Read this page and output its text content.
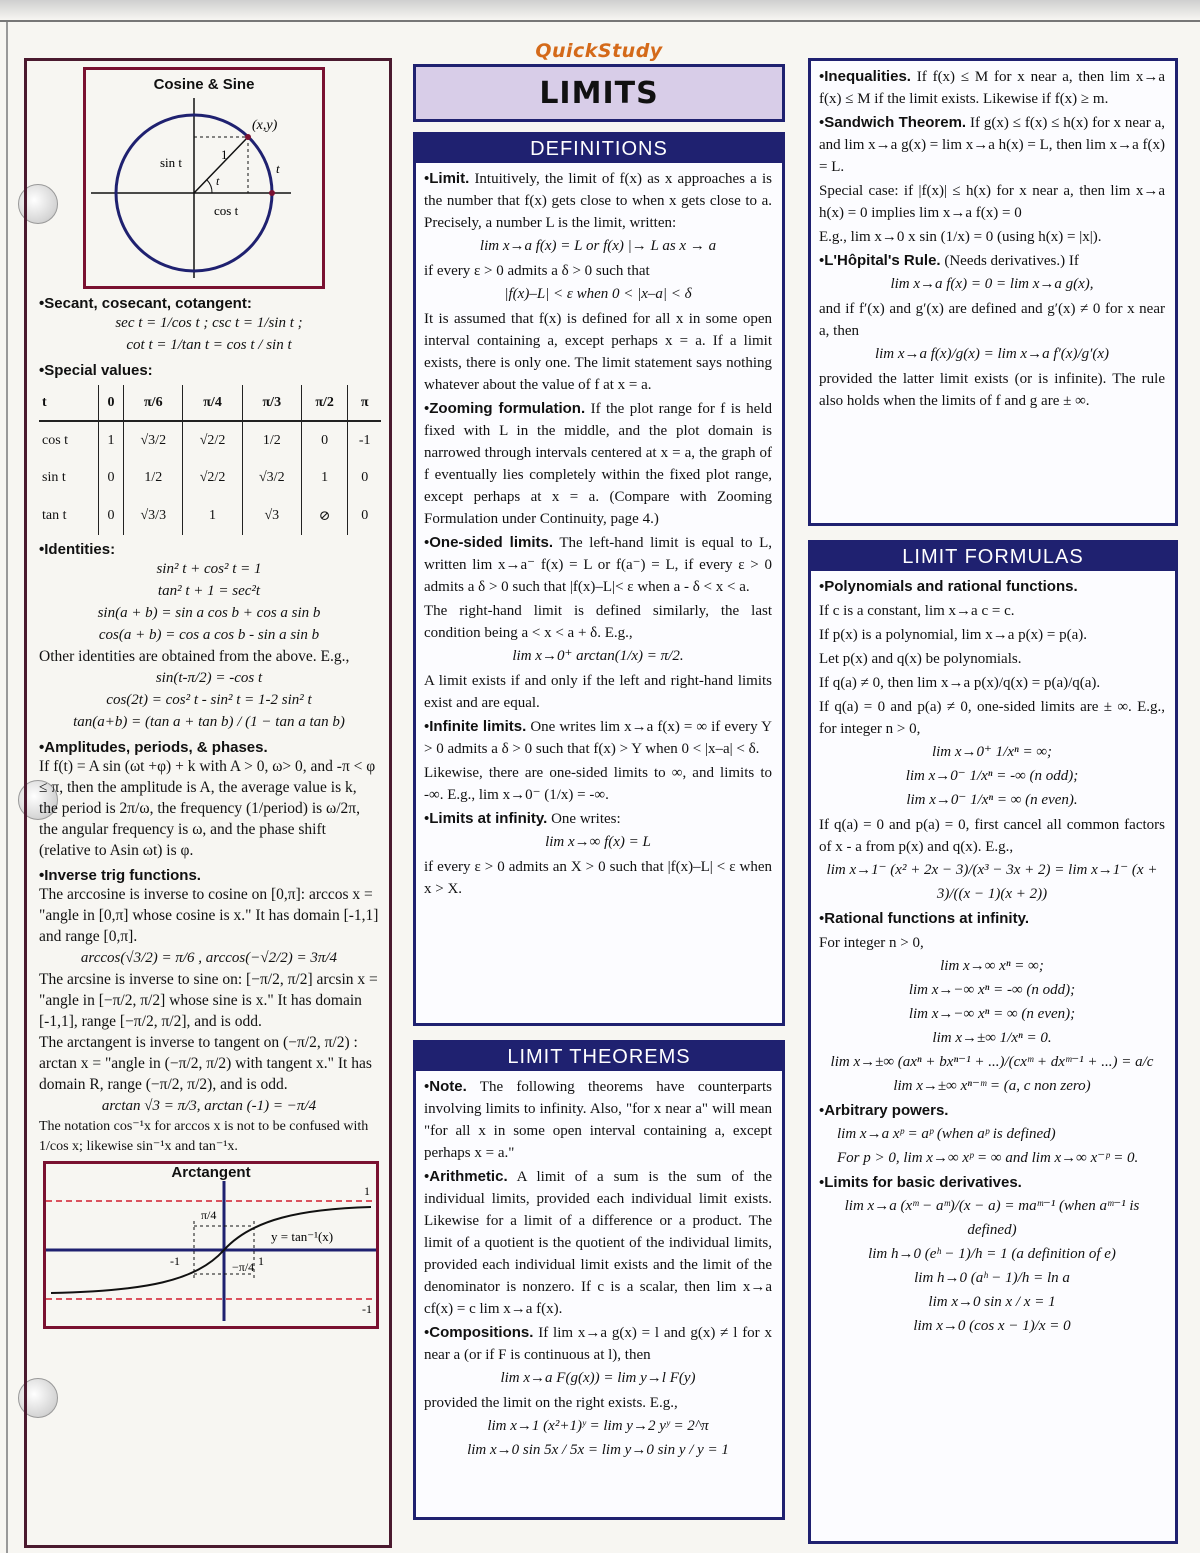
Cosine & Sine
(x,y)
sin t
1
t
t
cos t
• Secant, cosecant, cotangent:
sec t = 1/cos t ; csc t = 1/sin t ;
cot t = 1/tan t = cos t / sin t
• Special values:
t	0	π/6	π/4	π/3	π/2	π
cos t	1	√3/2	√2/2	1/2	0	-1
sin t	0	1/2	√2/2	√3/2	1	0
tan t	0	√3/3	1	√3	⊘	0
• Identities:
sin² t + cos² t = 1
tan² t + 1 = sec²t
sin(a + b) = sin a cos b + cos a sin b
cos(a + b) = cos a cos b - sin a sin b
Other identities are obtained from the above. E.g.,
sin(t-π/2) = -cos t
cos(2t) = cos² t - sin² t = 1-2 sin² t
tan(a+b) = (tan a + tan b) / (1 − tan a tan b)
• Amplitudes, periods, & phases.
If f(t) = A sin (ωt +φ) + k with A > 0, ω> 0, and -π < φ ≤ π, then the amplitude is A, the average value is k, the period is 2π/ω, the frequency (1/period) is ω/2π, the angular frequency is ω, and the phase shift (relative to Asin ωt) is φ.
• Inverse trig functions.
The arccosine is inverse to cosine on [0,π]: arccos x = "angle in [0,π] whose cosine is x." It has domain [-1,1] and range [0,π].
arccos(√3/2) = π/6 , arccos(−√2/2) = 3π/4
The arcsine is inverse to sine on: [−π/2, π/2] arcsin x = "angle in [−π/2, π/2] whose sine is x." It has domain [-1,1], range [−π/2, π/2], and is odd.
The arctangent is inverse to tangent on (−π/2, π/2) : arctan x = "angle in (−π/2, π/2) with tangent x." It has domain R, range (−π/2, π/2), and is odd.
arctan √3 = π/3, arctan (-1) = −π/4
The notation cos⁻¹x for arccos x is not to be confused with 1/cos x; likewise sin⁻¹x and tan⁻¹x.
Arctangent
π/4
1
y = tan⁻¹(x)
-1	−π/4 1
-1
QuickStudy
LIMITS
DEFINITIONS
• Limit. Intuitively, the limit of f(x) as x approaches a is the number that f(x) gets close to when x gets close to a. Precisely, a number L is the limit, written:
lim x→a f(x) = L or f(x) |→ L as x → a
if every ε > 0 admits a δ > 0 such that
|f(x)–L| < ε when 0 < |x–a| < δ
It is assumed that f(x) is defined for all x in some open interval containing a, except perhaps x = a. If a limit exists, there is only one. The limit statement says nothing whatever about the value of f at x = a.
• Zooming formulation. If the plot range for f is held fixed with L in the middle, and the plot domain is narrowed through intervals centered at x = a, the graph of f eventually lies completely within the fixed plot range, except perhaps at x = a. (Compare with Zooming Formulation under Continuity, page 4.)
• One-sided limits. The left-hand limit is equal to L, written lim x→a⁻ f(x) = L or f(a⁻) = L, if every ε > 0 admits a δ > 0 such that |f(x)–L|< ε when a - δ < x < a.
The right-hand limit is defined similarly, the last condition being a < x < a + δ. E.g.,
lim x→0⁺ arctan(1/x) = π/2.
A limit exists if and only if the left and right-hand limits exist and are equal.
• Infinite limits. One writes lim x→a f(x) = ∞ if every Y > 0 admits a δ > 0 such that f(x) > Y when 0 < |x–a| < δ.
Likewise, there are one-sided limits to ∞, and limits to -∞. E.g., lim x→0⁻ (1/x) = -∞.
• Limits at infinity. One writes:
lim x→∞ f(x) = L
if every ε > 0 admits an X > 0 such that |f(x)–L| < ε when x > X.
LIMIT THEOREMS
• Note. The following theorems have counterparts involving limits to infinity. Also, "for x near a" will mean "for all x in some open interval containing a, except perhaps x = a."
• Arithmetic. A limit of a sum is the sum of the individual limits, provided each individual limit exists. Likewise for a limit of a difference or a product. The limit of a quotient is the quotient of the individual limits, provided each individual limit exists and the limit of the denominator is nonzero. If c is a scalar, then lim x→a cf(x) = c lim x→a f(x).
• Compositions. If lim x→a g(x) = l and g(x) ≠ l for x near a (or if F is continuous at l), then
lim x→a F(g(x)) = lim y→l F(y)
provided the limit on the right exists. E.g.,
lim x→1 (x²+1)ʸ = lim y→2 yʸ = 2^π
lim x→0 sin 5x / 5x = lim y→0 sin y / y = 1
• Inequalities. If f(x) ≤ M for x near a, then lim x→a f(x) ≤ M if the limit exists. Likewise if f(x) ≥ m.
• Sandwich Theorem. If g(x) ≤ f(x) ≤ h(x) for x near a, and lim x→a g(x) = lim x→a h(x) = L, then lim x→a f(x) = L.
Special case: if |f(x)| ≤ h(x) for x near a, then lim x→a h(x) = 0 implies lim x→a f(x) = 0
E.g., lim x→0 x sin (1/x) = 0 (using h(x) = |x|).
• L'Hôpital's Rule. (Needs derivatives.) If
lim x→a f(x) = 0 = lim x→a g(x),
and if f′(x) and g′(x) are defined and g′(x) ≠ 0 for x near a, then
lim x→a f(x)/g(x) = lim x→a f′(x)/g′(x)
provided the latter limit exists (or is infinite). The rule also holds when the limits of f and g are ± ∞.
LIMIT FORMULAS
• Polynomials and rational functions.
If c is a constant, lim x→a c = c.
If p(x) is a polynomial, lim x→a p(x) = p(a).
Let p(x) and q(x) be polynomials.
If q(a) ≠ 0, then lim x→a p(x)/q(x) = p(a)/q(a).
If q(a) = 0 and p(a) ≠ 0, one-sided limits are ± ∞. E.g., for integer n > 0,
lim x→0⁺ 1/xⁿ = ∞;
lim x→0⁻ 1/xⁿ = -∞ (n odd);
lim x→0⁻ 1/xⁿ = ∞ (n even).
If q(a) = 0 and p(a) = 0, first cancel all common factors of x - a from p(x) and q(x). E.g.,
lim x→1⁻ (x² + 2x − 3)/(x³ − 3x + 2) = lim x→1⁻ (x + 3)/((x − 1)(x + 2))
• Rational functions at infinity.
For integer n > 0,
lim x→∞ xⁿ = ∞;
lim x→−∞ xⁿ = -∞ (n odd);
lim x→−∞ xⁿ = ∞ (n even);
lim x→±∞ 1/xⁿ = 0.
lim x→±∞ (axⁿ + bxⁿ⁻¹ + ...)/(cxᵐ + dxᵐ⁻¹ + ...) = a/c
lim x→±∞ xⁿ⁻ᵐ = (a, c non zero)
• Arbitrary powers.
lim x→a xᵖ = aᵖ (when aᵖ is defined)
For p > 0, lim x→∞ xᵖ = ∞ and lim x→∞ x⁻ᵖ = 0.
• Limits for basic derivatives.
lim x→a (xᵐ − aᵐ)/(x − a) = maᵐ⁻¹ (when aᵐ⁻¹ is defined)
lim h→0 (eʰ − 1)/h = 1 (a definition of e)
lim h→0 (aʰ − 1)/h = ln a
lim x→0 sin x / x = 1
lim x→0 (cos x − 1)/x = 0
